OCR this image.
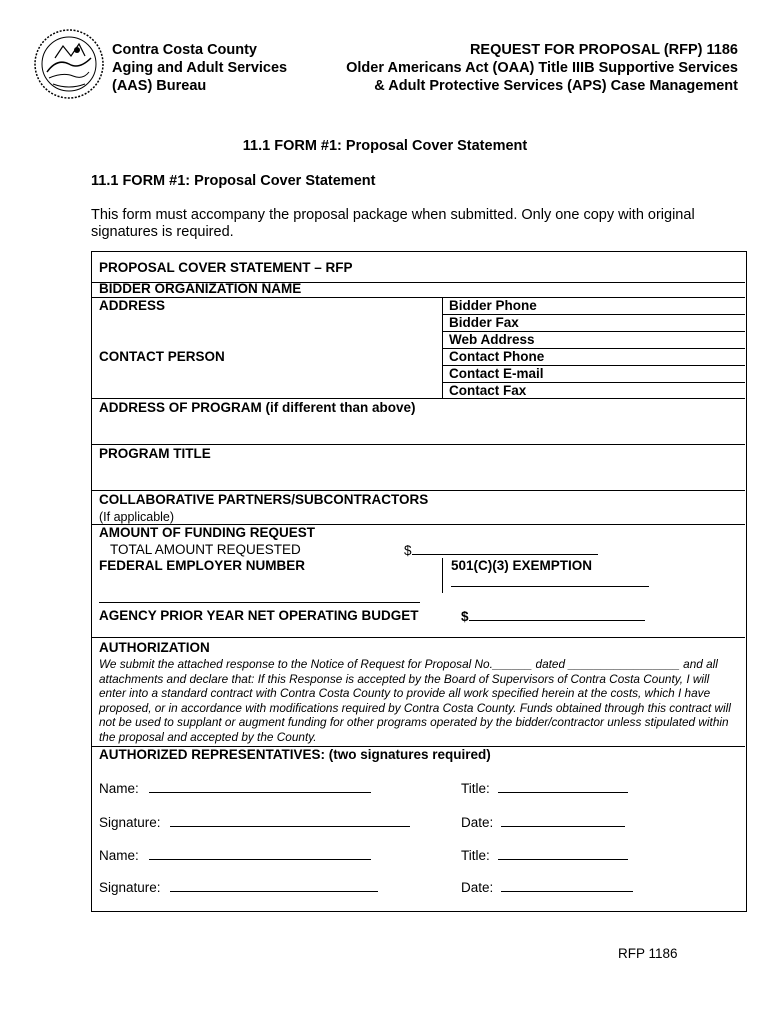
Contra Costa County
Aging and Adult Services
(AAS) Bureau
REQUEST FOR PROPOSAL (RFP) 1186
Older Americans Act (OAA) Title IIIB Supportive Services
& Adult Protective Services (APS) Case Management
11.1 FORM #1: Proposal Cover Statement
11.1 FORM #1: Proposal Cover Statement
This form must accompany the proposal package when submitted. Only one copy with original signatures is required.
PROPOSAL COVER STATEMENT – RFP
BIDDER ORGANIZATION NAME
ADDRESS	Bidder Phone
Bidder Fax
Web Address
CONTACT PERSON	Contact Phone
Contact E-mail
Contact Fax
ADDRESS OF PROGRAM (if different than above)
PROGRAM TITLE
COLLABORATIVE PARTNERS/SUBCONTRACTORS
(If applicable)
AMOUNT OF FUNDING REQUEST
TOTAL AMOUNT REQUESTED	$
FEDERAL EMPLOYER NUMBER	501(C)(3) EXEMPTION
AGENCY PRIOR YEAR NET OPERATING BUDGET	$
AUTHORIZATION
We submit the attached response to the Notice of Request for Proposal No.______ dated _________________ and all attachments and declare that: If this Response is accepted by the Board of Supervisors of Contra Costa County, I will enter into a standard contract with Contra Costa County to provide all work specified herein at the costs, which I have proposed, or in accordance with modifications required by Contra Costa County. Funds obtained through this contract will not be used to supplant or augment funding for other programs operated by the bidder/contractor unless stipulated within the proposal and accepted by the County.
AUTHORIZED REPRESENTATIVES: (two signatures required)
Name:	Title:
Signature:	Date:
Name:	Title:
Signature:	Date:
RFP 1186
